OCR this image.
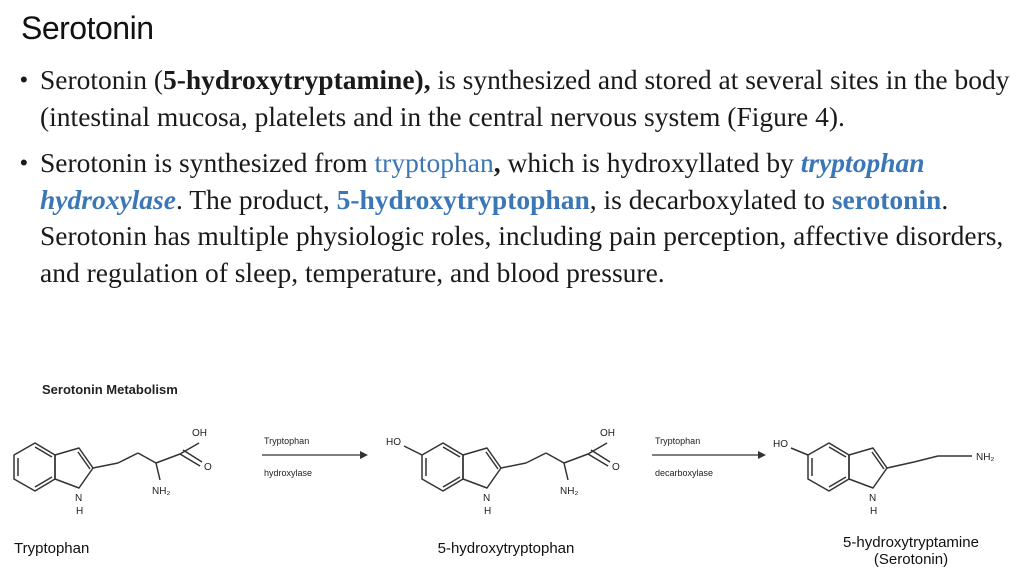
Serotonin
• Serotonin (5-hydroxytryptamine), is synthesized and stored at several sites in the body (intestinal mucosa, platelets and in the central nervous system (Figure 4).
• Serotonin is synthesized from tryptophan, which is hydroxyllated by tryptophan hydroxylase. The product, 5-hydroxytryptophan, is decarboxylated to serotonin. Serotonin has multiple physiologic roles, including pain perception, affective disorders, and regulation of sleep, temperature, and blood pressure.
Serotonin Metabolism
OH
O
NH₂
N
H
HO
OH
O
NH₂
N
H
HO
NH₂
N
H
Tryptophan
hydroxylase
Tryptophan
decarboxylase
Tryptophan	5-hydroxytryptophan	5-hydroxytryptamine
(Serotonin)
